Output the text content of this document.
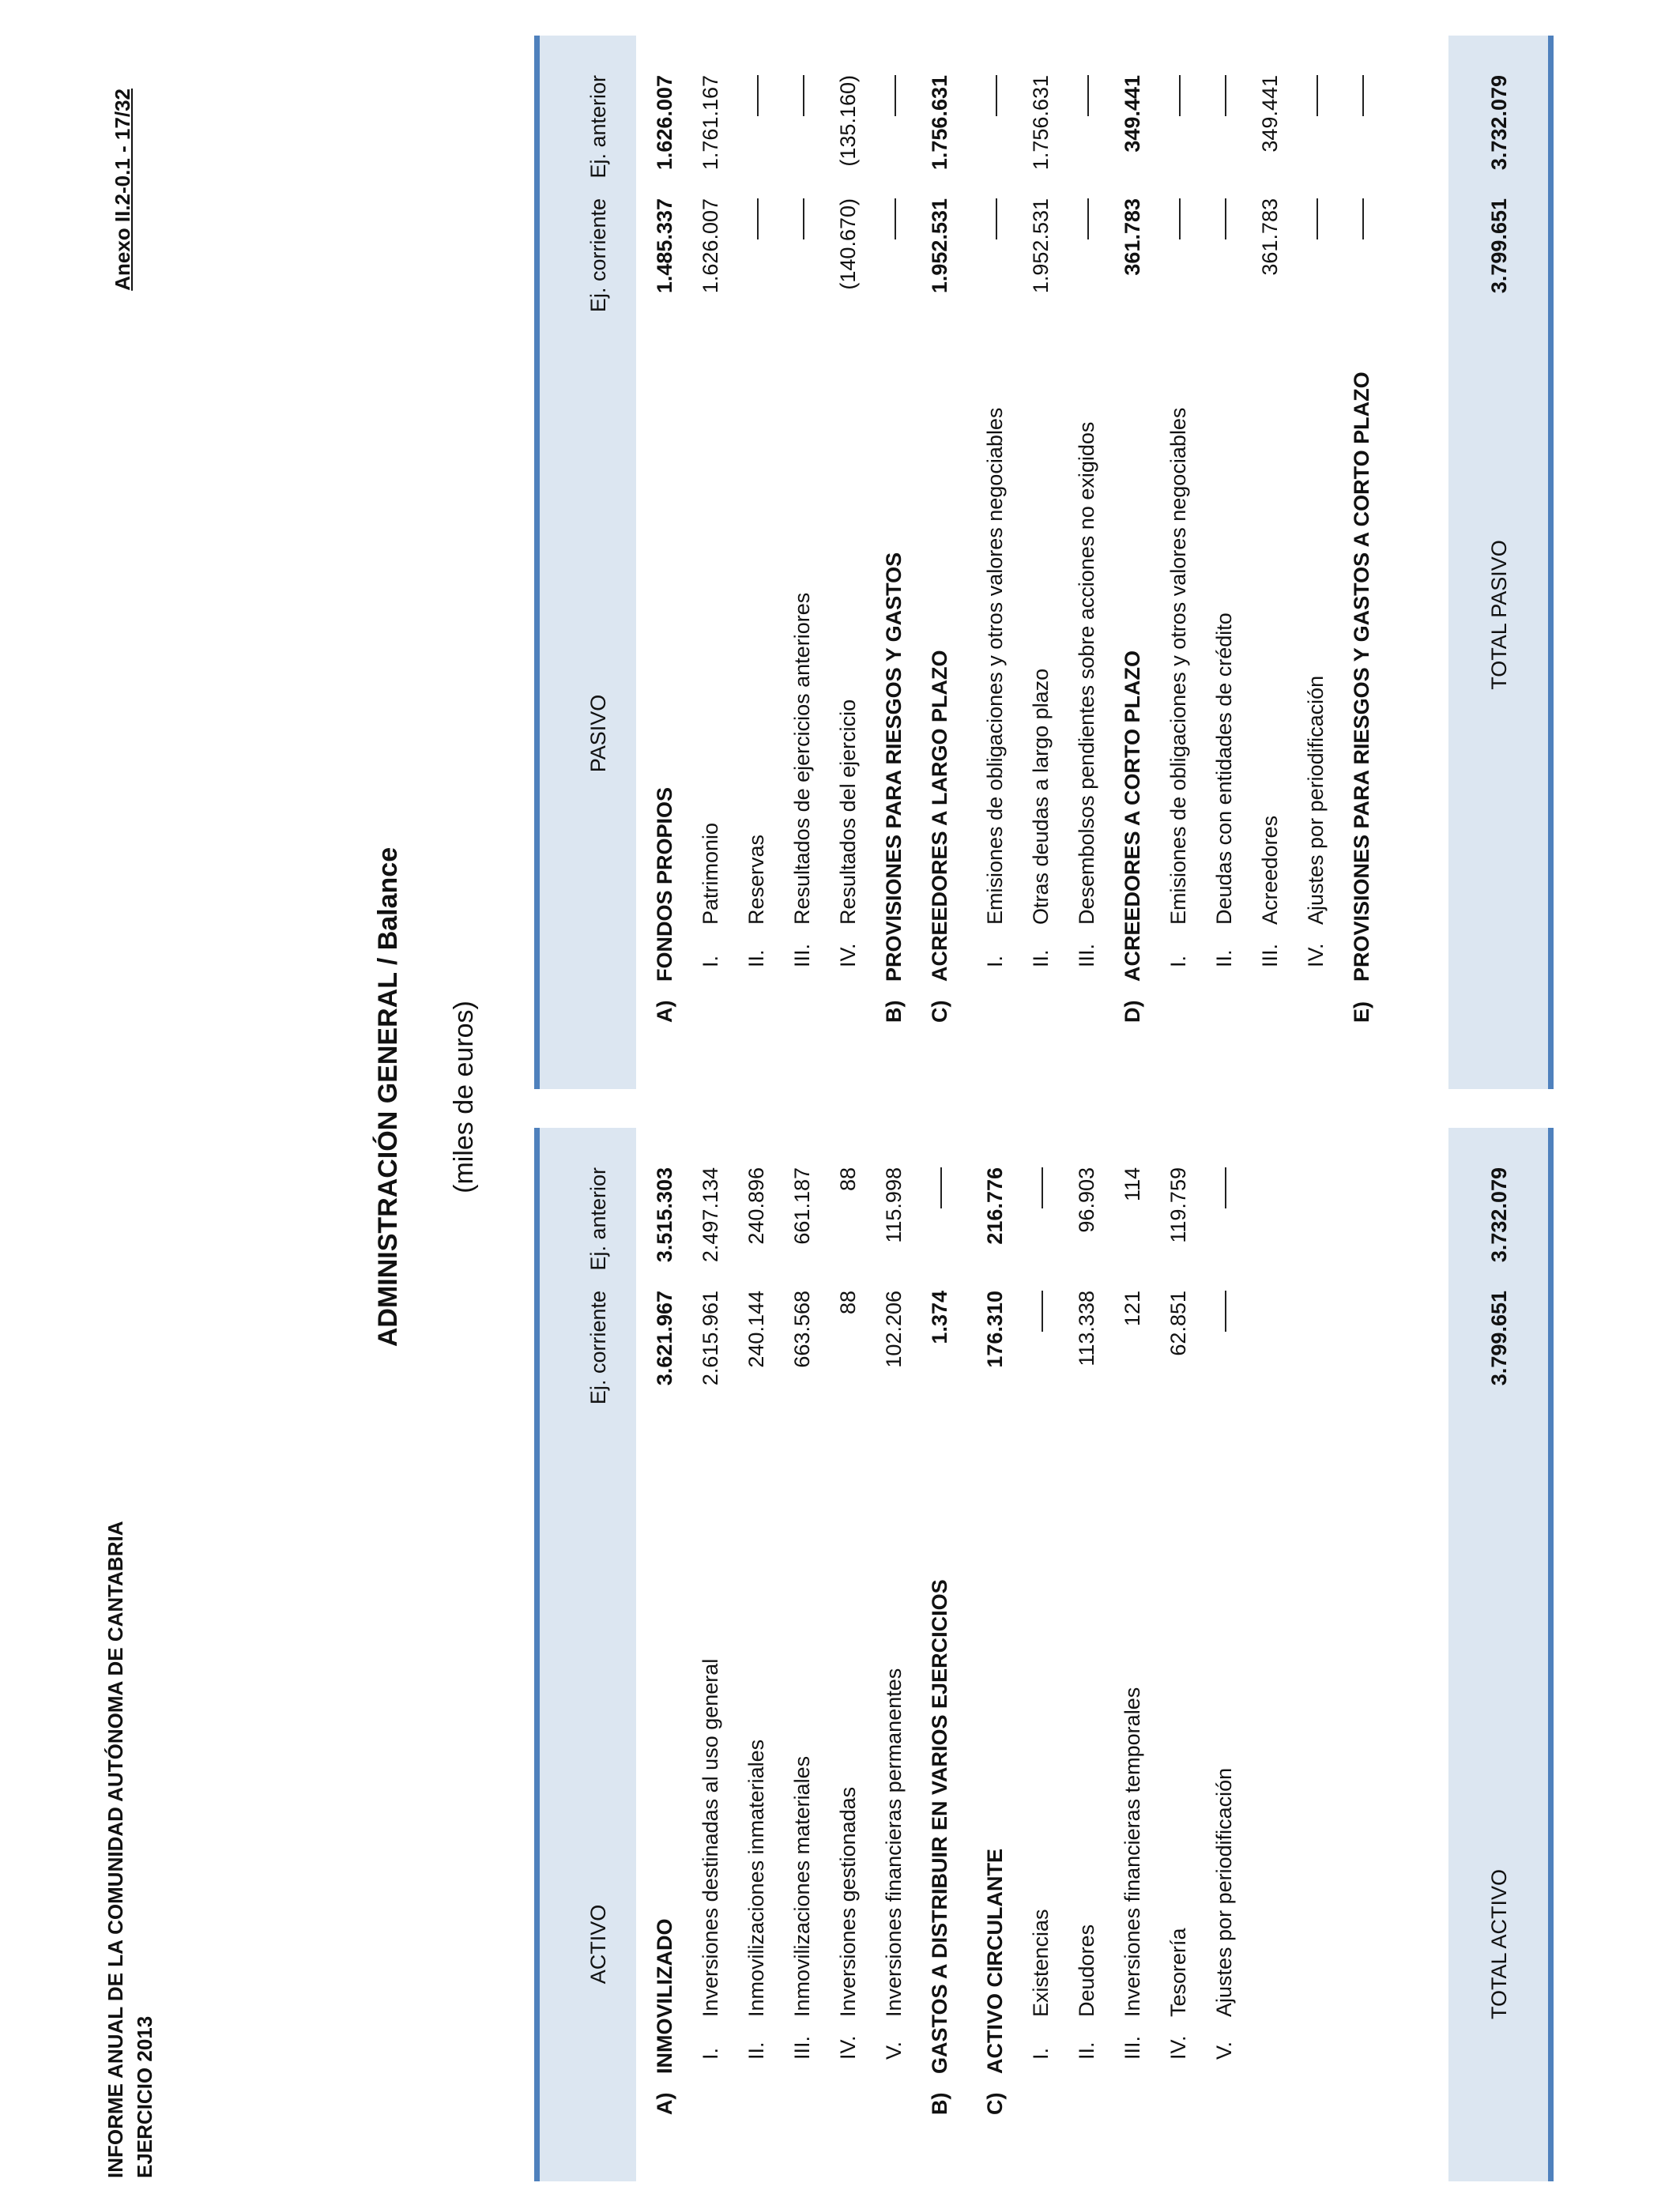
INFORME ANUAL DE LA COMUNIDAD AUTÓNOMA DE CANTABRIA EJERCICIO 2013
Anexo II.2-0.1 - 17/32
ADMINISTRACIÓN GENERAL / Balance (miles de euros)
ACTIVO
Ej. corriente
Ej. anterior
A)
INMOVILIZADO
3.621.967
3.515.303
I.
Inversiones destinadas al uso general
2.615.961
2.497.134
II.
Inmovilizaciones inmateriales
240.144
240.896
III.
Inmovilizaciones materiales
663.568
661.187
IV.
Inversiones gestionadas
88
88
V.
Inversiones financieras permanentes
102.206
115.998
B)
GASTOS A DISTRIBUIR EN VARIOS EJERCICIOS
1.374
C)
ACTIVO CIRCULANTE
176.310
216.776
I.
Existencias
II.
Deudores
113.338
96.903
III.
Inversiones financieras temporales
121
114
IV.
Tesorería
62.851
119.759
V.
Ajustes por periodificación	TOTAL ACTIVO
3.799.651
3.732.079
PASIVO
Ej. corriente
Ej. anterior
A)
FONDOS PROPIOS
1.485.337
1.626.007
I.
Patrimonio
1.626.007
1.761.167
II.
Reservas
III.
Resultados de ejercicios anteriores
IV.
Resultados del ejercicio
(140.670)
(135.160)
B)
PROVISIONES PARA RIESGOS Y GASTOS
C)
ACREEDORES A LARGO PLAZO
1.952.531
1.756.631
I.
Emisiones de obligaciones y otros valores negociables
II.
Otras deudas a largo plazo
1.952.531
1.756.631
III.
Desembolsos pendientes sobre acciones no exigidos
D)
ACREEDORES A CORTO PLAZO
361.783
349.441
I.
Emisiones de obligaciones y otros valores negociables
II.
Deudas con entidades de crédito
III.
Acreedores
361.783
349.441
IV.
Ajustes por periodificación
E)
PROVISIONES PARA RIESGOS Y GASTOS A CORTO PLAZO	TOTAL PASIVO
3.799.651
3.732.079
